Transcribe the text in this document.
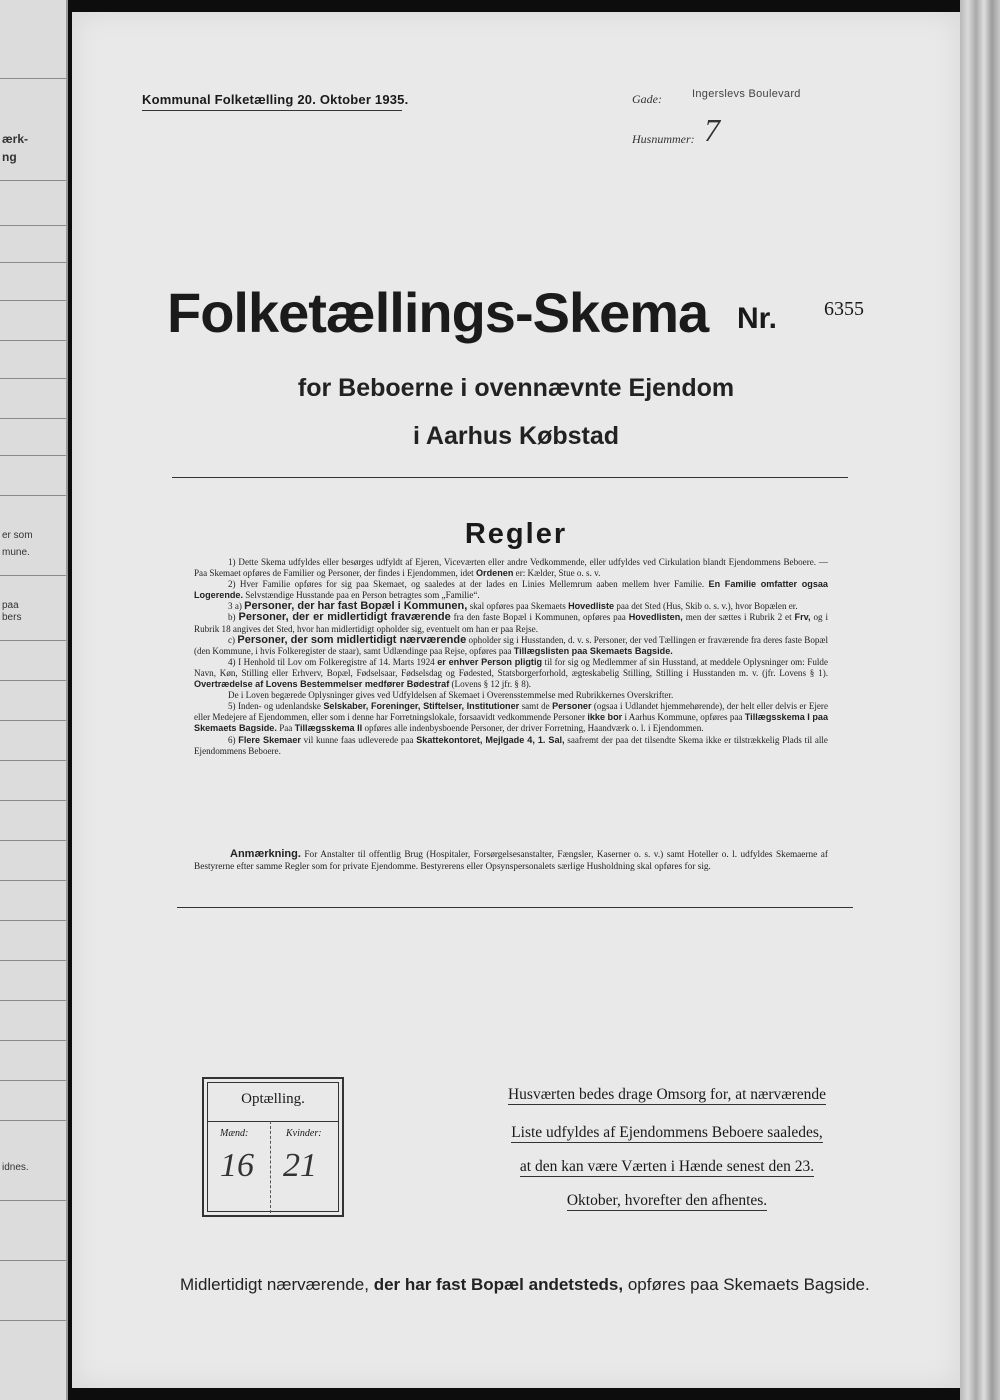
ærk-
ng
er som
mune.
paa
bers
idnes.
Kommunal Folketælling 20. Oktober 1935.	Gade:	Ingerslevs Boulevard
Husnummer: 7
Folketællings-Skema Nr. 6355
for Beboerne i ovennævnte Ejendom
i Aarhus Købstad
Regler

1) Dette Skema udfyldes eller besørges udfyldt af Ejeren, Viceværten eller andre Vedkommende, eller udfyldes ved Cirkulation blandt Ejendommens Beboere. — Paa Skemaet opføres de Familier og Personer, der findes i Ejendommen, idet Ordenen er: Kælder, Stue o. s. v.

2) Hver Familie opføres for sig paa Skemaet, og saaledes at der lades en Linies Mellemrum aaben mellem hver Familie. En Familie omfatter ogsaa Logerende. Selvstændige Husstande paa en Person betragtes som „Familie“.

3 a) Personer, der har fast Bopæl i Kommunen, skal opføres paa Skemaets Hovedliste paa det Sted (Hus, Skib o. s. v.), hvor Bopælen er.

b) Personer, der er midlertidigt fraværende fra den faste Bopæl i Kommunen, opføres paa Hovedlisten, men der sættes i Rubrik 2 et Frv, og i Rubrik 18 angives det Sted, hvor han midlertidigt opholder sig, eventuelt om han er paa Rejse.

c) Personer, der som midlertidigt nærværende opholder sig i Husstanden, d. v. s. Personer, der ved Tællingen er fraværende fra deres faste Bopæl (den Kommune, i hvis Folkeregister de staar), samt Udlændinge paa Rejse, opføres paa Tillægslisten paa Skemaets Bagside.

4) I Henhold til Lov om Folkeregistre af 14. Marts 1924 er enhver Person pligtig til for sig og Medlemmer af sin Husstand, at meddele Oplysninger om: Fulde Navn, Køn, Stilling eller Erhverv, Bopæl, Fødselsaar, Fødselsdag og Fødested, Statsborgerforhold, ægteskabelig Stilling, Stilling i Husstanden m. v. (jfr. Lovens § 1). Overtrædelse af Lovens Bestemmelser medfører Bødestraf (Lovens § 12 jfr. § 8).

De i Loven begærede Oplysninger gives ved Udfyldelsen af Skemaet i Overensstemmelse med Rubrikkernes Overskrifter.

5) Inden- og udenlandske Selskaber, Foreninger, Stiftelser, Institutioner samt de Personer (ogsaa i Udlandet hjemmehørende), der helt eller delvis er Ejere eller Medejere af Ejendommen, eller som i denne har Forretningslokale, forsaavidt vedkommende Personer ikke bor i Aarhus Kommune, opføres paa Tillægsskema I paa Skemaets Bagside. Paa Tillægsskema II opføres alle indenbysboende Personer, der driver Forretning, Haandværk o. l. i Ejendommen.

6) Flere Skemaer vil kunne faas udleverede paa Skattekontoret, Mejlgade 4, 1. Sal, saafremt der paa det tilsendte Skema ikke er tilstrækkelig Plads til alle Ejendommens Beboere.

Anmærkning. For Anstalter til offentlig Brug (Hospitaler, Forsørgelsesanstalter, Fængsler, Kaserner o. s. v.) samt Hoteller o. l. udfyldes Skemaerne af Bestyrerne efter samme Regler som for private Ejendomme. Bestyrerens eller Opsynspersonalets særlige Husholdning skal opføres for sig.
Optælling.
Mænd:	Kvinder:
16 21
Husværten bedes drage Omsorg for, at nærværende
Liste udfyldes af Ejendommens Beboere saaledes,
at den kan være Værten i Hænde senest den 23.
Oktober, hvorefter den afhentes.
Midlertidigt nærværende, der har fast Bopæl andetsteds, opføres paa Skemaets Bagside.
